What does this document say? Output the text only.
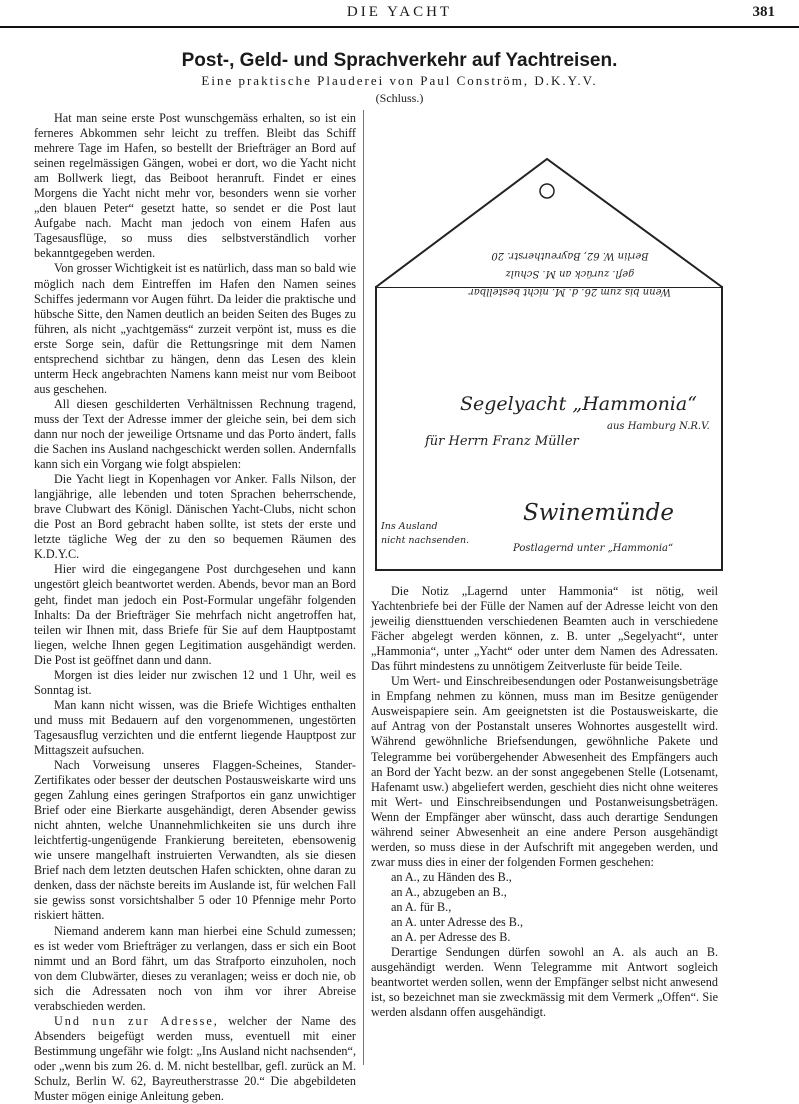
DIE YACHT	381
Post-, Geld- und Sprachverkehr auf Yachtreisen.
Eine praktische Plauderei von Paul Conström, D.K.Y.V.
(Schluss.)

Hat man seine erste Post wunschgemäss erhalten, so ist ein ferneres Abkommen sehr leicht zu treffen. Bleibt das Schiff mehrere Tage im Hafen, so bestellt der Briefträger an Bord auf seinen regelmässigen Gängen, wobei er dort, wo die Yacht nicht am Bollwerk liegt, das Beiboot heranruft. Findet er eines Morgens die Yacht nicht mehr vor, besonders wenn sie vorher „den blauen Peter“ gesetzt hatte, so sendet er die Post laut Aufgabe nach. Macht man jedoch von einem Hafen aus Tagesausflüge, so muss dies selbstverständlich vorher bekanntgegeben werden.

Von grosser Wichtigkeit ist es natürlich, dass man so bald wie möglich nach dem Eintreffen im Hafen den Namen seines Schiffes jedermann vor Augen führt. Da leider die praktische und hübsche Sitte, den Namen deutlich an beiden Seiten des Buges zu führen, als nicht „yachtgemäss“ zurzeit verpönt ist, muss es die erste Sorge sein, dafür die Rettungsringe mit dem Namen entsprechend sichtbar zu hängen, denn das Lesen des klein unterm Heck angebrachten Namens kann meist nur vom Beiboot aus geschehen.

All diesen geschilderten Verhältnissen Rechnung tragend, muss der Text der Adresse immer der gleiche sein, bei dem sich dann nur noch der jeweilige Ortsname und das Porto ändert, falls die Sachen ins Ausland nachgeschickt werden sollen. Andernfalls kann sich ein Vorgang wie folgt abspielen:

Die Yacht liegt in Kopenhagen vor Anker. Falls Nilson, der langjährige, alle lebenden und toten Sprachen beherrschende, brave Clubwart des Königl. Dänischen Yacht-Clubs, nicht schon die Post an Bord gebracht haben sollte, ist stets der erste und letzte tägliche Weg der zu den so bequemen Räumen des K.D.Y.C.

Hier wird die eingegangene Post durchgesehen und kann ungestört gleich beantwortet werden. Abends, bevor man an Bord geht, findet man jedoch ein Post-Formular ungefähr folgenden Inhalts: Da der Briefträger Sie mehrfach nicht angetroffen hat, teilen wir Ihnen mit, dass Briefe für Sie auf dem Hauptpostamt liegen, welche Ihnen gegen Legitimation ausgehändigt werden. Die Post ist geöffnet dann und dann.

Morgen ist dies leider nur zwischen 12 und 1 Uhr, weil es Sonntag ist.

Man kann nicht wissen, was die Briefe Wichtiges enthalten und muss mit Bedauern auf den vorgenommenen, ungestörten Tagesausflug verzichten und die entfernt liegende Hauptpost zur Mittagszeit aufsuchen.

Nach Vorweisung unseres Flaggen-Scheines, Stander-Zertifikates oder besser der deutschen Postausweiskarte wird uns gegen Zahlung eines geringen Strafportos ein ganz unwichtiger Brief oder eine Bierkarte ausgehändigt, deren Absender gewiss nicht ahnten, welche Unannehmlichkeiten sie uns durch ihre leichtfertig-ungenügende Frankierung bereiteten, ebensowenig wie unsere mangelhaft instruierten Verwandten, als sie diesen Brief nach dem letzten deutschen Hafen schickten, ohne daran zu denken, dass der nächste bereits im Auslande ist, für welchen Fall sie gewiss sonst vorsichtshalber 5 oder 10 Pfennige mehr Porto riskiert hätten.

Niemand anderem kann man hierbei eine Schuld zumessen; es ist weder vom Briefträger zu verlangen, dass er sich ein Boot nimmt und an Bord fährt, um das Strafporto einzuholen, noch von dem Clubwärter, dieses zu veranlagen; weiss er doch nie, ob sich die Adressaten noch von ihm vor ihrer Abreise verabschieden werden.

Und nun zur Adresse, welcher der Name des Absenders beigefügt werden muss, eventuell mit einer Bestimmung ungefähr wie folgt: „Ins Ausland nicht nachsenden“, oder „wenn bis zum 26. d. M. nicht bestellbar, gefl. zurück an M. Schulz, Berlin W. 62, Bayreutherstrasse 20.“ Die abgebildeten Muster mögen einige Anleitung geben.

Wenn bis zum 26. d. M. nicht bestellbar
gefl. zurück an M. Schulz
Berlin W. 62, Bayreutherstr. 20
Segelyacht „Hammonia“
aus Hamburg N.R.V.
für Herrn Franz Müller
Swinemünde
Ins Ausland
nicht nachsenden.
Postlagernd unter „Hammonia“

Die Notiz „Lagernd unter Hammonia“ ist nötig, weil Yachtenbriefe bei der Fülle der Namen auf der Adresse leicht von den jeweilig diensttuenden verschiedenen Beamten auch in verschiedene Fächer abgelegt werden können, z. B. unter „Segelyacht“, unter „Hammonia“, unter „Yacht“ oder unter dem Namen des Adressaten. Das führt mindestens zu unnötigem Zeitverluste für beide Teile.

Um Wert- und Einschreibesendungen oder Postanweisungsbeträge in Empfang nehmen zu können, muss man im Besitze genügender Ausweispapiere sein. Am geeignetsten ist die Postausweiskarte, die auf Antrag von der Postanstalt unseres Wohnortes ausgestellt wird. Während gewöhnliche Briefsendungen, gewöhnliche Pakete und Telegramme bei vorübergehender Abwesenheit des Empfängers auch an Bord der Yacht bezw. an der sonst angegebenen Stelle (Lotsenamt, Hafenamt usw.) abgeliefert werden, geschieht dies nicht ohne weiteres mit Wert- und Einschreibsendungen und Postanweisungsbeträgen. Wenn der Empfänger aber wünscht, dass auch derartige Sendungen während seiner Abwesenheit an eine andere Person ausgehändigt werden, so muss diese in der Aufschrift mit angegeben werden, und zwar muss dies in einer der folgenden Formen geschehen:

an A., zu Händen des B.,

an A., abzugeben an B.,

an A. für B.,

an A. unter Adresse des B.,

an A. per Adresse des B.

Derartige Sendungen dürfen sowohl an A. als auch an B. ausgehändigt werden. Wenn Telegramme mit Antwort sogleich beantwortet werden sollen, wenn der Empfänger selbst nicht anwesend ist, so bezeichnet man sie zweckmässig mit dem Vermerk „Offen“. Sie werden alsdann offen ausgehändigt.
